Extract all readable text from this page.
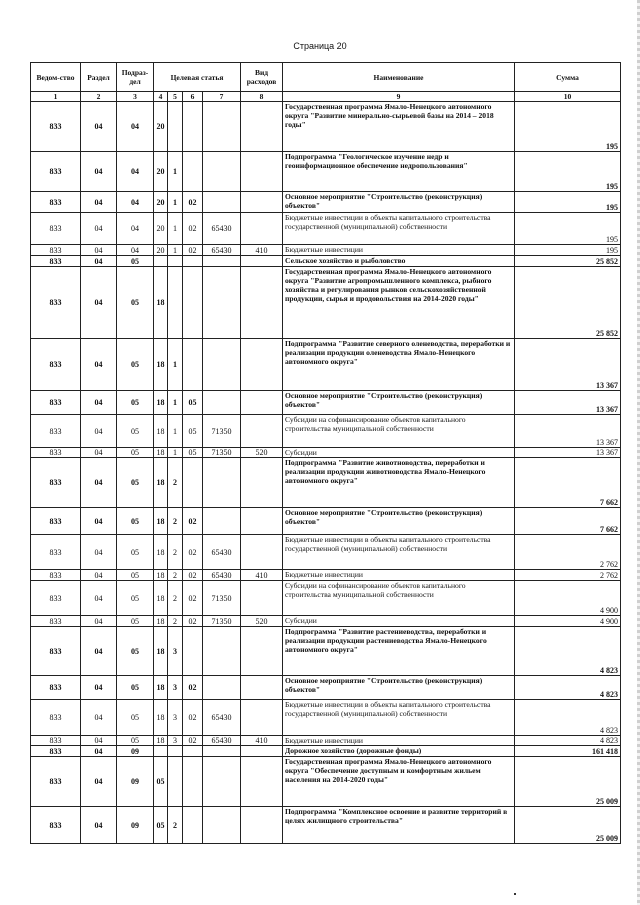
Страница 20
Ведом-ство	Раздел	Подраз-дел	Целевая статья				Вид расходов	Наименование	Сумма
1	2	3	4	5	6	7	8	9	10
833	04	04	20					Государственная программа Ямало-Ненецкого автономного округа "Развитие минерально-сырьевой базы на 2014 – 2018 годы"	195
833	04	04	20	1				Подпрограмма "Геологическое изучение недр и геоинформационное обеспечение недропользования"	195
833	04	04	20	1	02			Основное мероприятие "Строительство (реконструкция) объектов"	195
833	04	04	20	1	02	65430		Бюджетные инвестиции в объекты капитального строительства государственной (муниципальной) собственности	195
833	04	04	20	1	02	65430	410	Бюджетные инвестиции	195
833	04	05						Сельское хозяйство и рыболовство	25 852
833	04	05	18					Государственная программа Ямало-Ненецкого автономного округа "Развитие агропромышленного комплекса, рыбного хозяйства и регулирования рынков сельскохозяйственной продукции, сырья и продовольствия на 2014-2020 годы"	25 852
833	04	05	18	1				Подпрограмма "Развитие северного оленеводства, переработки и реализации продукции оленеводства Ямало-Ненецкого автономного округа"	13 367
833	04	05	18	1	05			Основное мероприятие "Строительство (реконструкция) объектов"	13 367
833	04	05	18	1	05	71350		Субсидии на софинансирование объектов капитального строительства муниципальной собственности	13 367
833	04	05	18	1	05	71350	520	Субсидии	13 367
833	04	05	18	2				Подпрограмма "Развитие животноводства, переработки и реализации продукции животноводства Ямало-Ненецкого автономного округа"	7 662
833	04	05	18	2	02			Основное мероприятие "Строительство (реконструкция) объектов"	7 662
833	04	05	18	2	02	65430		Бюджетные инвестиции в объекты капитального строительства государственной (муниципальной) собственности	2 762
833	04	05	18	2	02	65430	410	Бюджетные инвестиции	2 762
833	04	05	18	2	02	71350		Субсидии на софинансирование объектов капитального строительства муниципальной собственности	4 900
833	04	05	18	2	02	71350	520	Субсидии	4 900
833	04	05	18	3				Подпрограмма "Развитие растениеводства, переработки и реализации продукции растениеводства Ямало-Ненецкого автономного округа"	4 823
833	04	05	18	3	02			Основное мероприятие "Строительство (реконструкция) объектов"	4 823
833	04	05	18	3	02	65430		Бюджетные инвестиции в объекты капитального строительства государственной (муниципальной) собственности	4 823
833	04	05	18	3	02	65430	410	Бюджетные инвестиции	4 823
833	04	09						Дорожное хозяйство (дорожные фонды)	161 418
833	04	09	05					Государственная программа Ямало-Ненецкого автономного округа "Обеспечение доступным и комфортным жильем населения на 2014-2020 годы"	25 009
833	04	09	05	2				Подпрограмма "Комплексное освоение и развитие территорий в целях жилищного строительства"	25 009
